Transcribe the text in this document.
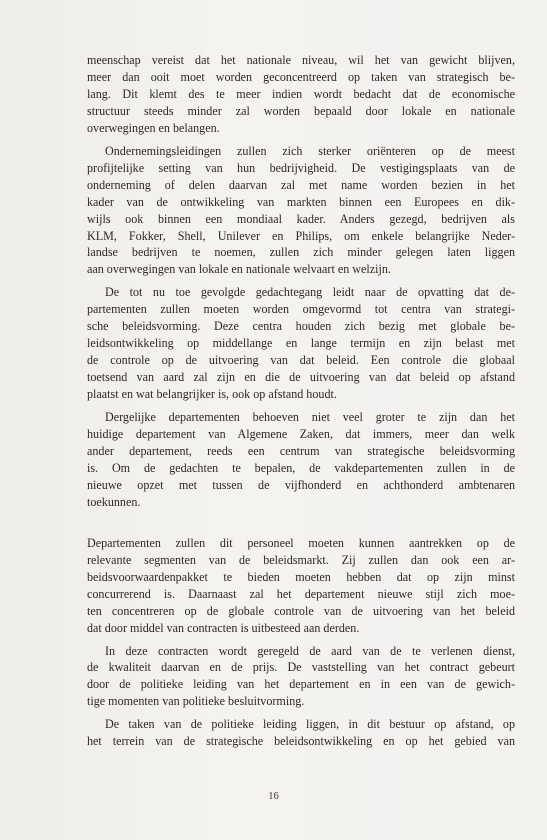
meenschap vereist dat het nationale niveau, wil het van gewicht blijven,
meer dan ooit moet worden geconcentreerd op taken van strategisch be-
lang. Dit klemt des te meer indien wordt bedacht dat de economische
structuur steeds minder zal worden bepaald door lokale en nationale
overwegingen en belangen.
Ondernemingsleidingen zullen zich sterker oriënteren op de meest
profijtelijke setting van hun bedrijvigheid. De vestigingsplaats van de
onderneming of delen daarvan zal met name worden bezien in het
kader van de ontwikkeling van markten binnen een Europees en dik-
wijls ook binnen een mondiaal kader. Anders gezegd, bedrijven als
KLM, Fokker, Shell, Unilever en Philips, om enkele belangrijke Neder-
landse bedrijven te noemen, zullen zich minder gelegen laten liggen
aan overwegingen van lokale en nationale welvaart en welzijn.
De tot nu toe gevolgde gedachtegang leidt naar de opvatting dat de-
partementen zullen moeten worden omgevormd tot centra van strategi-
sche beleidsvorming. Deze centra houden zich bezig met globale be-
leidsontwikkeling op middellange en lange termijn en zijn belast met
de controle op de uitvoering van dat beleid. Een controle die globaal
toetsend van aard zal zijn en die de uitvoering van dat beleid op afstand
plaatst en wat belangrijker is, ook op afstand houdt.
Dergelijke departementen behoeven niet veel groter te zijn dan het
huidige departement van Algemene Zaken, dat immers, meer dan welk
ander departement, reeds een centrum van strategische beleidsvorming
is. Om de gedachten te bepalen, de vakdepartementen zullen in de
nieuwe opzet met tussen de vijfhonderd en achthonderd ambtenaren
toekunnen.
Departementen zullen dit personeel moeten kunnen aantrekken op de
relevante segmenten van de beleidsmarkt. Zij zullen dan ook een ar-
beidsvoorwaardenpakket te bieden moeten hebben dat op zijn minst
concurrerend is. Daarnaast zal het departement nieuwe stijl zich moe-
ten concentreren op de globale controle van de uitvoering van het beleid
dat door middel van contracten is uitbesteed aan derden.
In deze contracten wordt geregeld de aard van de te verlenen dienst,
de kwaliteit daarvan en de prijs. De vaststelling van het contract gebeurt
door de politieke leiding van het departement en in een van de gewich-
tige momenten van politieke besluitvorming.
De taken van de politieke leiding liggen, in dit bestuur op afstand, op
het terrein van de strategische beleidsontwikkeling en op het gebied van
16
